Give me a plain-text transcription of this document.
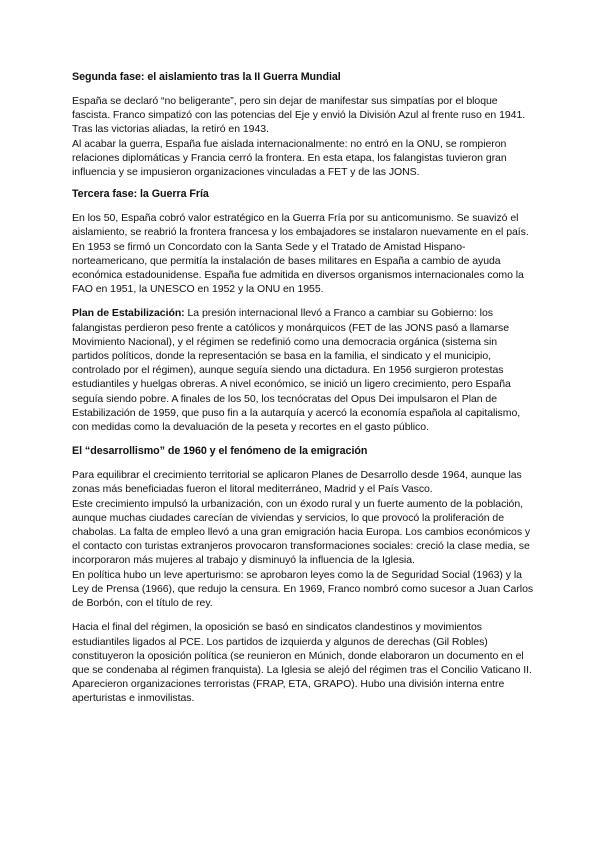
Segunda fase: el aislamiento tras la II Guerra Mundial

España se declaró “no beligerante”, pero sin dejar de manifestar sus simpatías por el bloque fascista. Franco simpatizó con las potencias del Eje y envió la División Azul al frente ruso en 1941. Tras las victorias aliadas, la retiró en 1943.

Al acabar la guerra, España fue aislada internacionalmente: no entró en la ONU, se rompieron relaciones diplomáticas y Francia cerró la frontera. En esta etapa, los falangistas tuvieron gran influencia y se impusieron organizaciones vinculadas a FET y de las JONS.

Tercera fase: la Guerra Fría

En los 50, España cobró valor estratégico en la Guerra Fría por su anticomunismo. Se suavizó el aislamiento, se reabrió la frontera francesa y los embajadores se instalaron nuevamente en el país. En 1953 se firmó un Concordato con la Santa Sede y el Tratado de Amistad Hispano-norteamericano, que permitía la instalación de bases militares en España a cambio de ayuda económica estadounidense. España fue admitida en diversos organismos internacionales como la FAO en 1951, la UNESCO en 1952 y la ONU en 1955.

Plan de Estabilización: La presión internacional llevó a Franco a cambiar su Gobierno: los falangistas perdieron peso frente a católicos y monárquicos (FET de las JONS pasó a llamarse Movimiento Nacional), y el régimen se redefinió como una democracia orgánica (sistema sin partidos políticos, donde la representación se basa en la familia, el sindicato y el municipio, controlado por el régimen), aunque seguía siendo una dictadura. En 1956 surgieron protestas estudiantiles y huelgas obreras. A nivel económico, se inició un ligero crecimiento, pero España seguía siendo pobre. A finales de los 50, los tecnócratas del Opus Dei impulsaron el Plan de Estabilización de 1959, que puso fin a la autarquía y acercó la economía española al capitalismo, con medidas como la devaluación de la peseta y recortes en el gasto público.

El “desarrollismo” de 1960 y el fenómeno de la emigración

Para equilibrar el crecimiento territorial se aplicaron Planes de Desarrollo desde 1964, aunque las zonas más beneficiadas fueron el litoral mediterráneo, Madrid y el País Vasco.

Este crecimiento impulsó la urbanización, con un éxodo rural y un fuerte aumento de la población, aunque muchas ciudades carecían de viviendas y servicios, lo que provocó la proliferación de chabolas. La falta de empleo llevó a una gran emigración hacia Europa. Los cambios económicos y el contacto con turistas extranjeros provocaron transformaciones sociales: creció la clase media, se incorporaron más mujeres al trabajo y disminuyó la influencia de la Iglesia.

En política hubo un leve aperturismo: se aprobaron leyes como la de Seguridad Social (1963) y la Ley de Prensa (1966), que redujo la censura. En 1969, Franco nombró como sucesor a Juan Carlos de Borbón, con el título de rey.

Hacia el final del régimen, la oposición se basó en sindicatos clandestinos y movimientos estudiantiles ligados al PCE. Los partidos de izquierda y algunos de derechas (Gil Robles) constituyeron la oposición política (se reunieron en Múnich, donde elaboraron un documento en el que se condenaba al régimen franquista). La Iglesia se alejó del régimen tras el Concilio Vaticano II. Aparecieron organizaciones terroristas (FRAP, ETA, GRAPO). Hubo una división interna entre aperturistas e inmovilistas.
